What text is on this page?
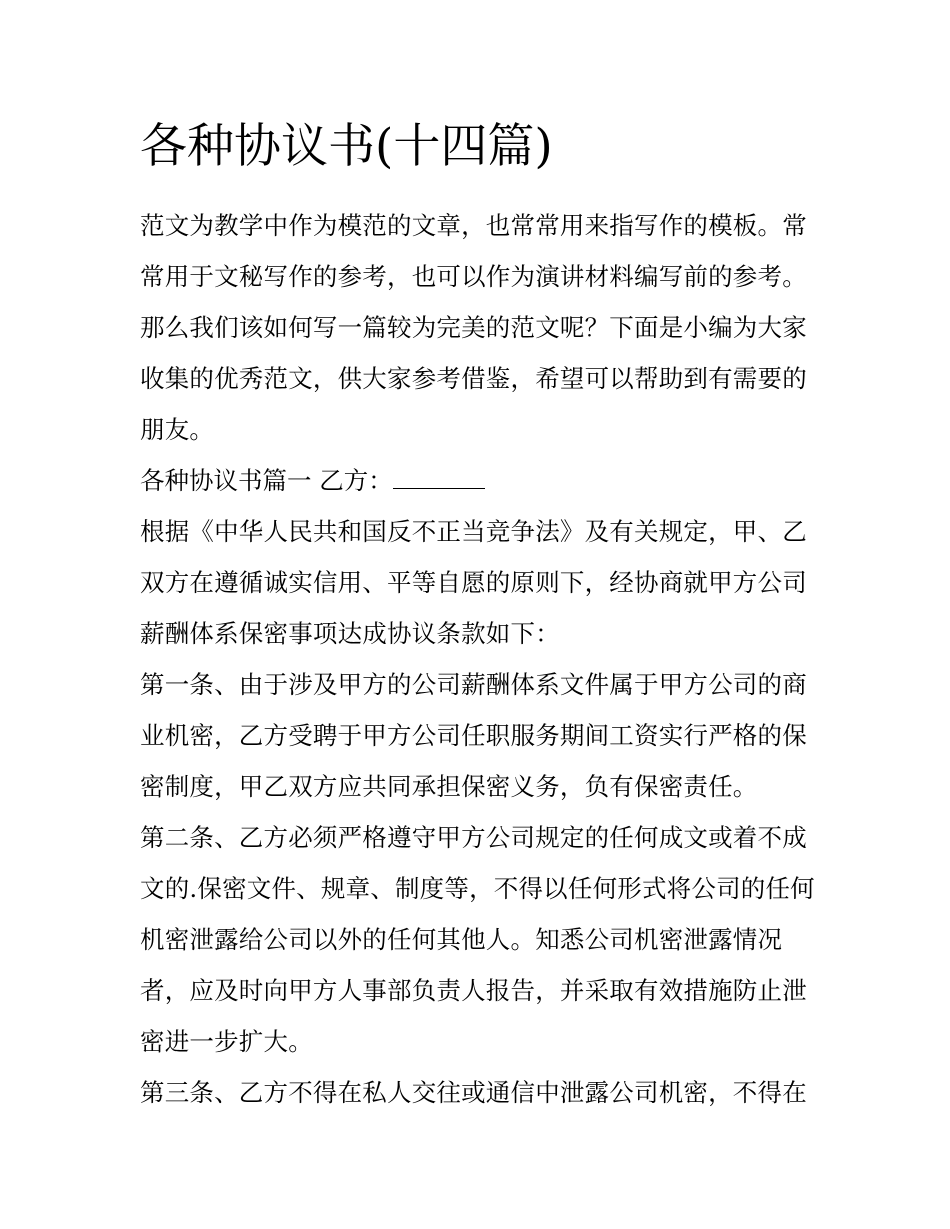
各种协议书(十四篇)

范文为教学中作为模范的文章，也常常用来指写作的模板。常常用于文秘写作的参考，也可以作为演讲材料编写前的参考。那么我们该如何写一篇较为完美的范文呢？下面是小编为大家收集的优秀范文，供大家参考借鉴，希望可以帮助到有需要的朋友。

各种协议书篇一 乙方：

根据《中华人民共和国反不正当竞争法》及有关规定，甲、乙双方在遵循诚实信用、平等自愿的原则下，经协商就甲方公司薪酬体系保密事项达成协议条款如下：

第一条、由于涉及甲方的公司薪酬体系文件属于甲方公司的商业机密，乙方受聘于甲方公司任职服务期间工资实行严格的保密制度，甲乙双方应共同承担保密义务，负有保密责任。

第二条、乙方必须严格遵守甲方公司规定的任何成文或着不成文的.保密文件、规章、制度等，不得以任何形式将公司的任何机密泄露给公司以外的任何其他人。知悉公司机密泄露情况者，应及时向甲方人事部负责人报告，并采取有效措施防止泄密进一步扩大。

第三条、乙方不得在私人交往或通信中泄露公司机密，不得在
